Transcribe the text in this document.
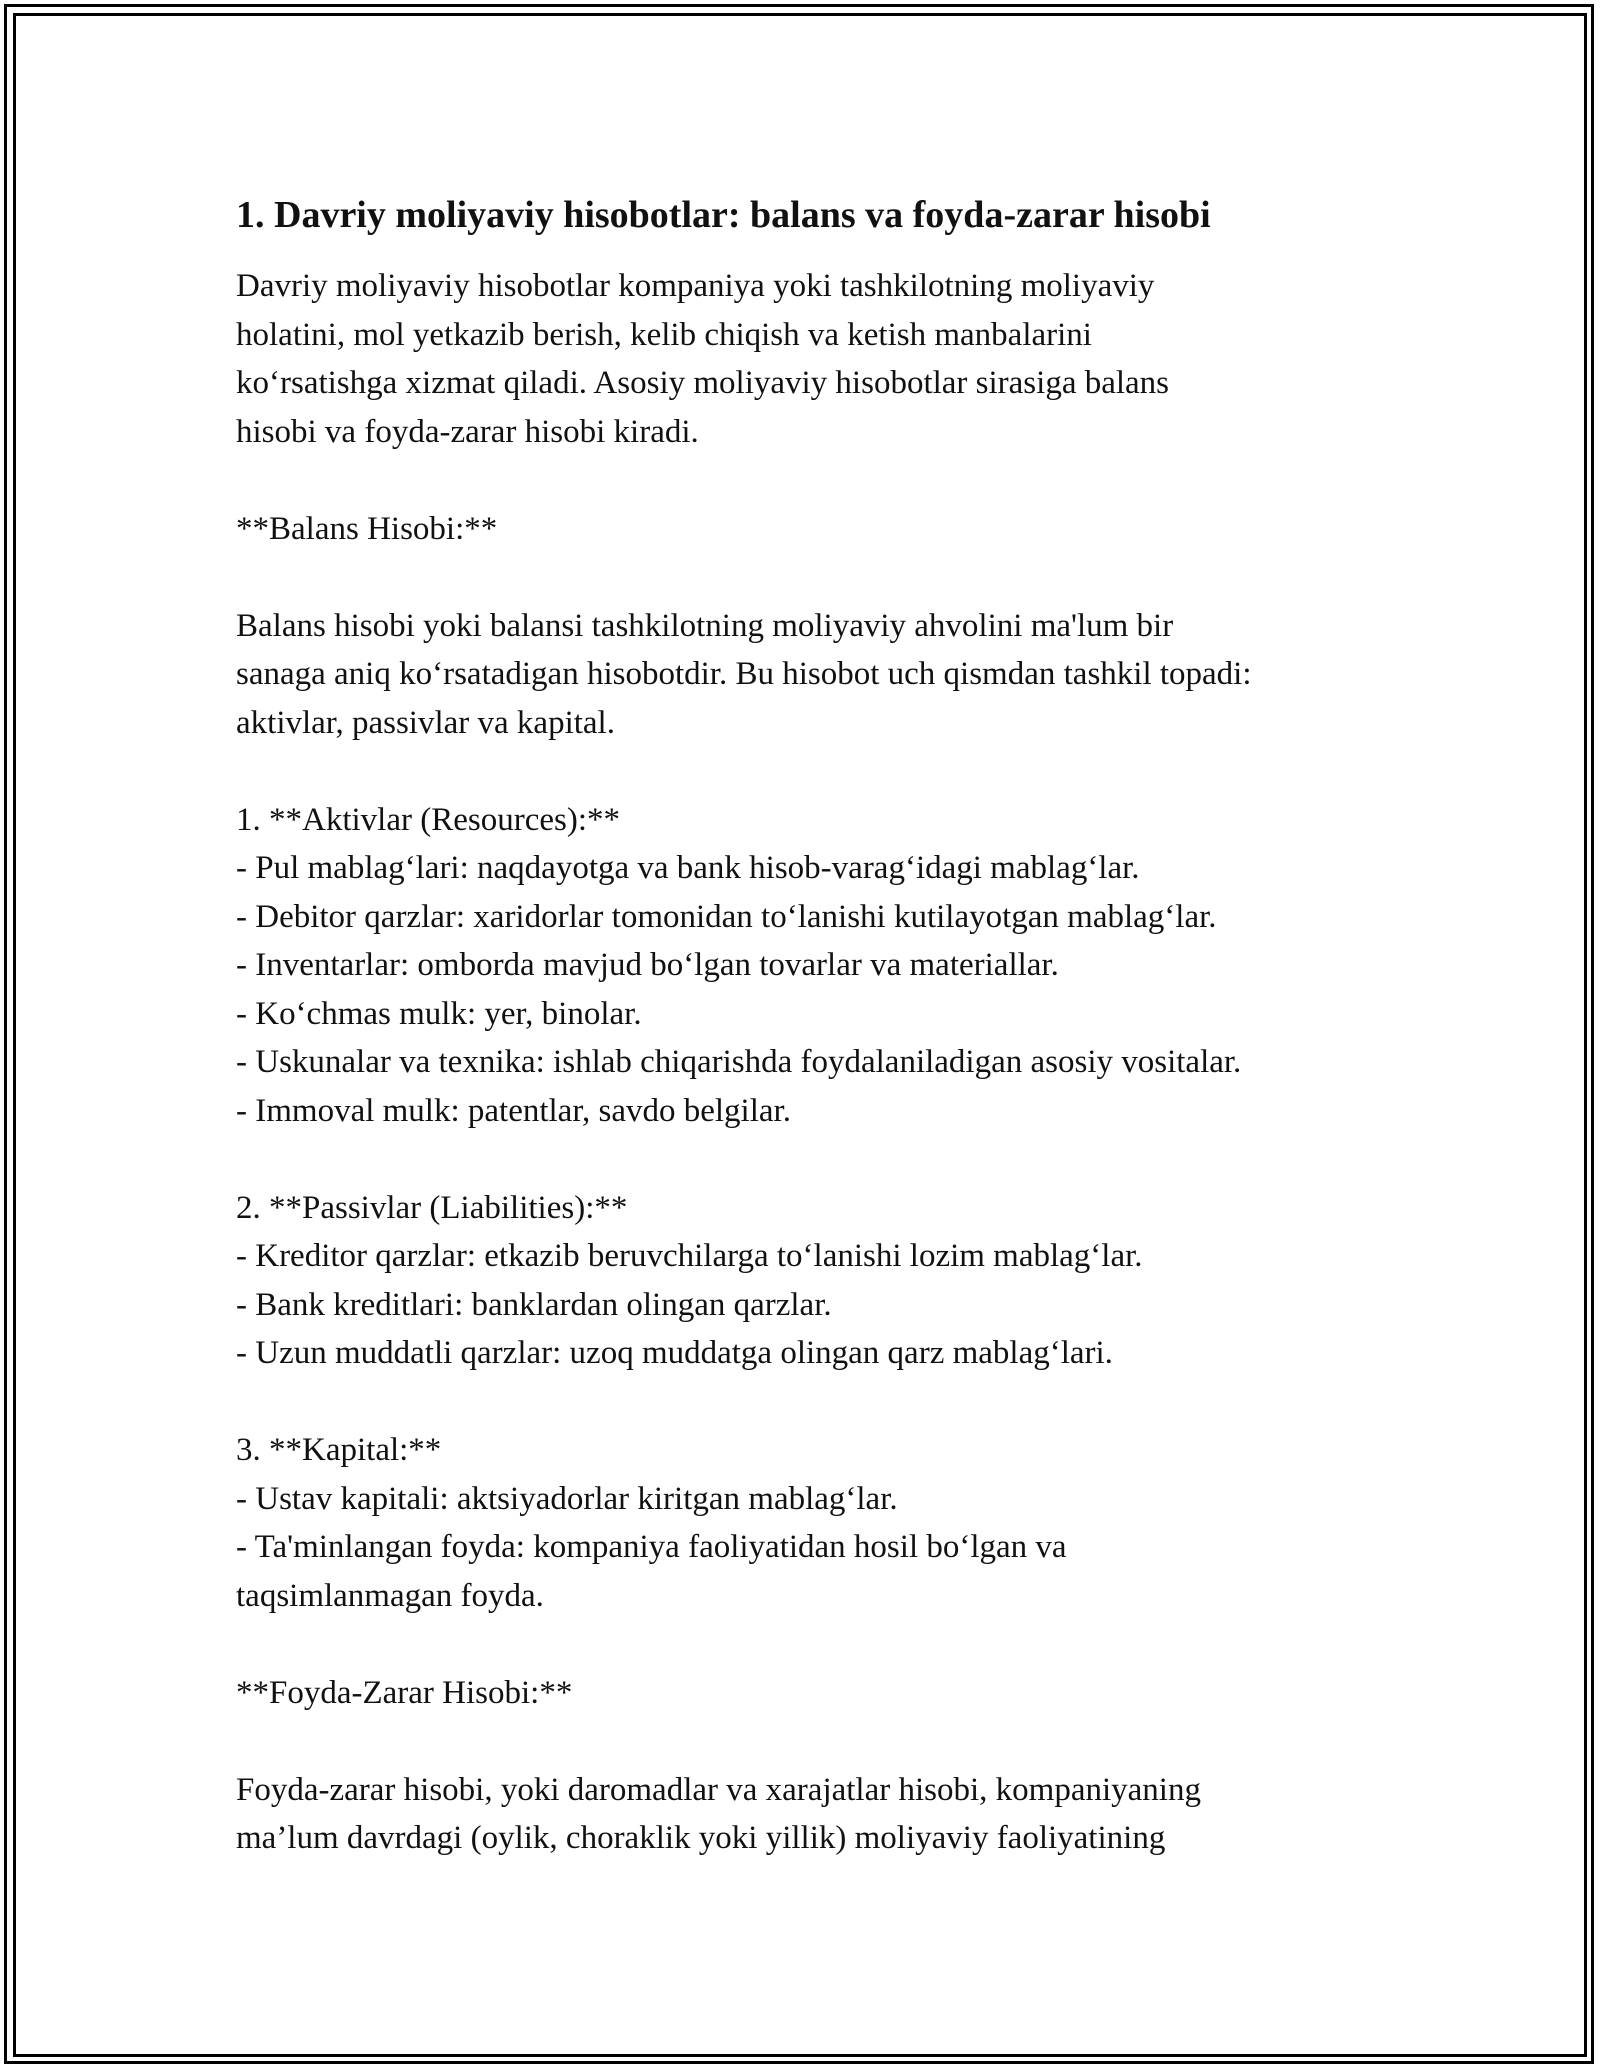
1. Davriy moliyaviy hisobotlar: balans va foyda-zarar hisobi

Davriy moliyaviy hisobotlar kompaniya yoki tashkilotning moliyaviy
holatini, mol yetkazib berish, kelib chiqish va ketish manbalarini
ko‘rsatishga xizmat qiladi. Asosiy moliyaviy hisobotlar sirasiga balans
hisobi va foyda-zarar hisobi kiradi.

**Balans Hisobi:**

Balans hisobi yoki balansi tashkilotning moliyaviy ahvolini ma'lum bir
sanaga aniq ko‘rsatadigan hisobotdir. Bu hisobot uch qismdan tashkil topadi:
aktivlar, passivlar va kapital.

1. **Aktivlar (Resources):**
- Pul mablag‘lari: naqdayotga va bank hisob-varag‘idagi mablag‘lar.
- Debitor qarzlar: xaridorlar tomonidan to‘lanishi kutilayotgan mablag‘lar.
- Inventarlar: omborda mavjud bo‘lgan tovarlar va materiallar.
- Ko‘chmas mulk: yer, binolar.
- Uskunalar va texnika: ishlab chiqarishda foydalaniladigan asosiy vositalar.
- Immoval mulk: patentlar, savdo belgilar.

2. **Passivlar (Liabilities):**
- Kreditor qarzlar: etkazib beruvchilarga to‘lanishi lozim mablag‘lar.
- Bank kreditlari: banklardan olingan qarzlar.
- Uzun muddatli qarzlar: uzoq muddatga olingan qarz mablag‘lari.

3. **Kapital:**
- Ustav kapitali: aktsiyadorlar kiritgan mablag‘lar.
- Ta'minlangan foyda: kompaniya faoliyatidan hosil bo‘lgan va
taqsimlanmagan foyda.

**Foyda-Zarar Hisobi:**

Foyda-zarar hisobi, yoki daromadlar va xarajatlar hisobi, kompaniyaning
ma’lum davrdagi (oylik, choraklik yoki yillik) moliyaviy faoliyatining
